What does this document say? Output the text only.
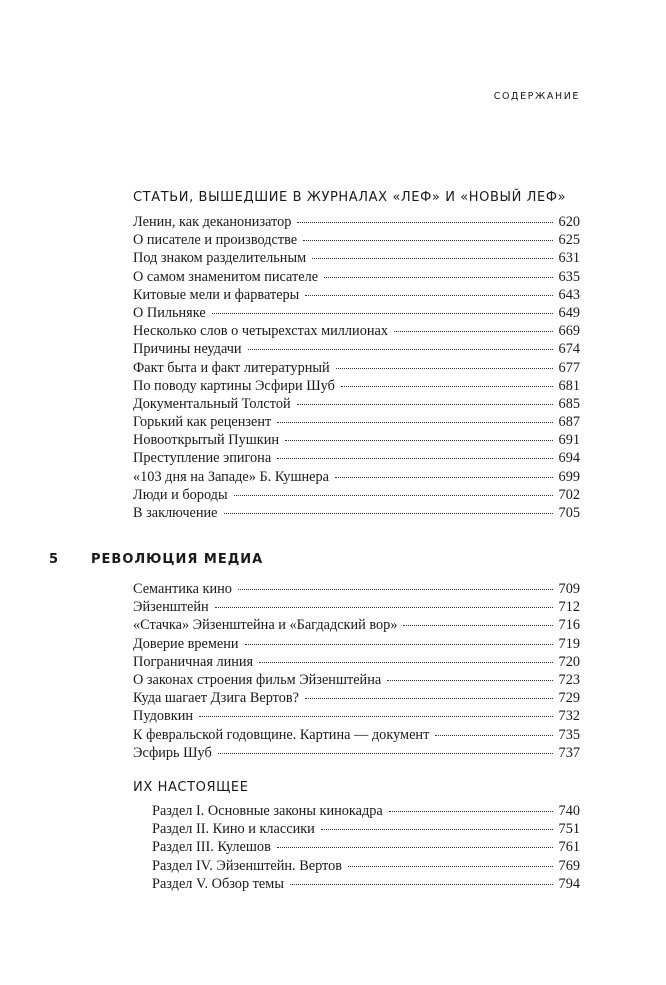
СОДЕРЖАНИЕ
СТАТЬИ, ВЫШЕДШИЕ В ЖУРНАЛАХ «ЛЕФ» И «НОВЫЙ ЛЕФ»
Ленин, как деканонизатор	620
О писателе и производстве	625
Под знаком разделительным	631
О самом знаменитом писателе	635
Китовые мели и фарватеры	643
О Пильняке	649
Несколько слов о четырехстах миллионах	669
Причины неудачи	674
Факт быта и факт литературный	677
По поводу картины Эсфири Шуб	681
Документальный Толстой	685
Горький как рецензент	687
Новооткрытый Пушкин	691
Преступление эпигона	694
«103 дня на Западе» Б. Кушнера	699
Люди и бороды	702
В заключение	705
5	РЕВОЛЮЦИЯ МЕДИА
Семантика кино	709
Эйзенштейн	712
«Стачка» Эйзенштейна и «Багдадский вор»	716
Доверие времени	719
Пограничная линия	720
О законах строения фильм Эйзенштейна	723
Куда шагает Дзига Вертов?	729
Пудовкин	732
К февральской годовщине. Картина — документ	735
Эсфирь Шуб	737
ИХ НАСТОЯЩЕЕ
Раздел I. Основные законы кинокадра	740
Раздел II. Кино и классики	751
Раздел III. Кулешов	761
Раздел IV. Эйзенштейн. Вертов	769
Раздел V. Обзор темы	794
